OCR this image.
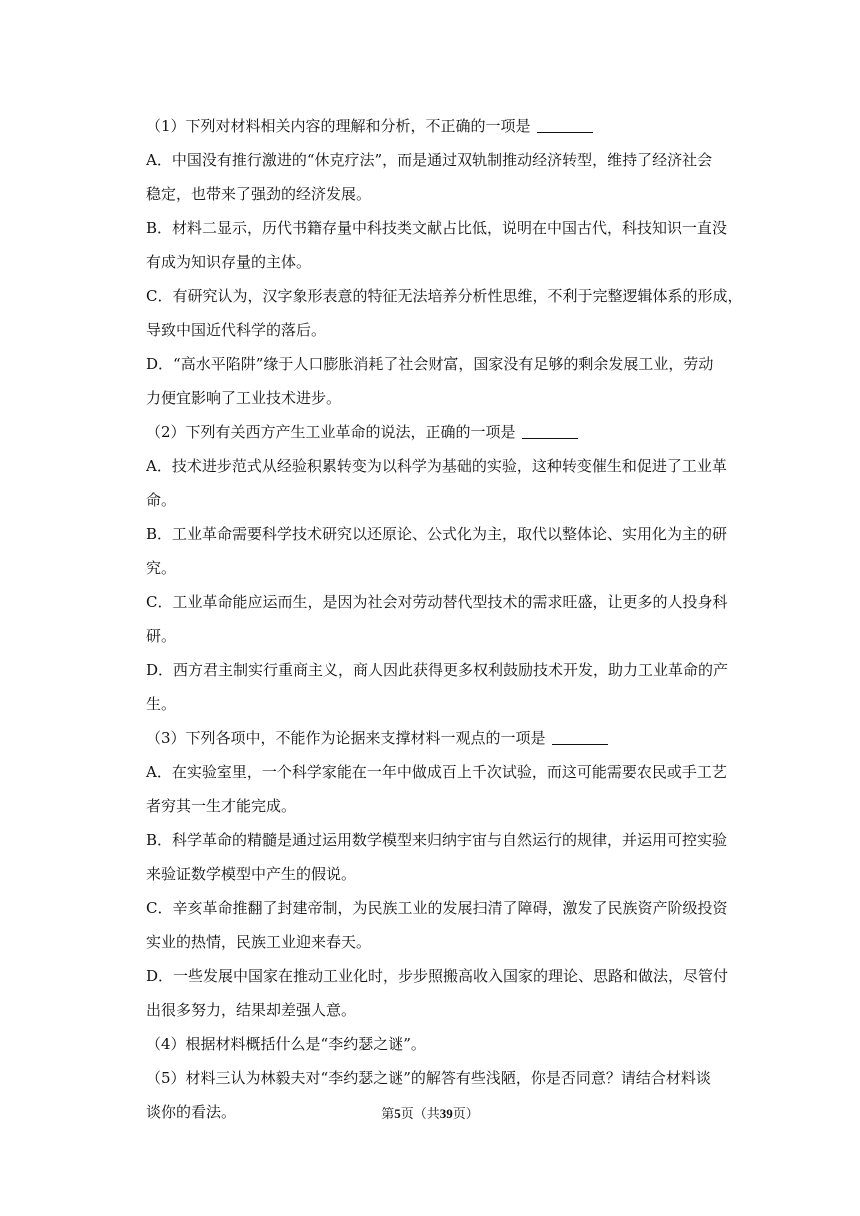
（1）下列对材料相关内容的理解和分析，不正确的一项是
A．中国没有推行激进的“休克疗法”，而是通过双轨制推动经济转型，维持了经济社会
稳定，也带来了强劲的经济发展。
B．材料二显示，历代书籍存量中科技类文献占比低，说明在中国古代，科技知识一直没
有成为知识存量的主体。
C．有研究认为，汉字象形表意的特征无法培养分析性思维，不利于完整逻辑体系的形成，
导致中国近代科学的落后。
D．“高水平陷阱”缘于人口膨胀消耗了社会财富，国家没有足够的剩余发展工业，劳动
力便宜影响了工业技术进步。
（2）下列有关西方产生工业革命的说法，正确的一项是
A．技术进步范式从经验积累转变为以科学为基础的实验，这种转变催生和促进了工业革
命。
B．工业革命需要科学技术研究以还原论、公式化为主，取代以整体论、实用化为主的研
究。
C．工业革命能应运而生，是因为社会对劳动替代型技术的需求旺盛，让更多的人投身科
研。
D．西方君主制实行重商主义，商人因此获得更多权利鼓励技术开发，助力工业革命的产
生。
（3）下列各项中，不能作为论据来支撑材料一观点的一项是
A．在实验室里，一个科学家能在一年中做成百上千次试验，而这可能需要农民或手工艺
者穷其一生才能完成。
B．科学革命的精髓是通过运用数学模型来归纳宇宙与自然运行的规律，并运用可控实验
来验证数学模型中产生的假说。
C．辛亥革命推翻了封建帝制，为民族工业的发展扫清了障碍，激发了民族资产阶级投资
实业的热情，民族工业迎来春天。
D．一些发展中国家在推动工业化时，步步照搬高收入国家的理论、思路和做法，尽管付
出很多努力，结果却差强人意。
（4）根据材料概括什么是“李约瑟之谜”。
（5）材料三认为林毅夫对“李约瑟之谜”的解答有些浅陋，你是否同意？请结合材料谈
谈你的看法。	第5页（共39页）
